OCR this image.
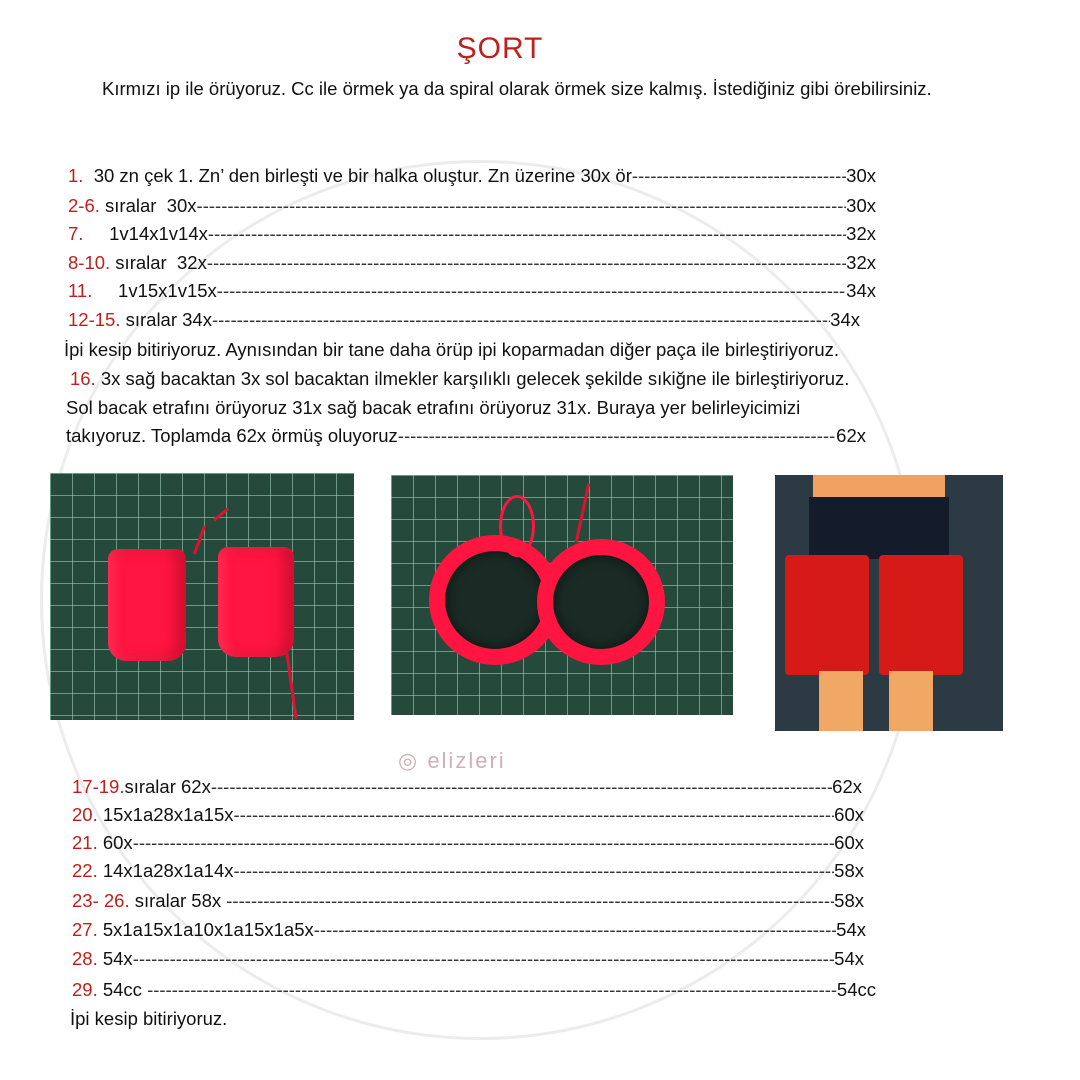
ŞORT
Kırmızı ip ile örüyoruz. Cc ile örmek ya da spiral olarak örmek size kalmış. İstediğiniz gibi örebilirsiniz.
1. 30 zn çek 1. Zn’ den birleşti ve bir halka oluştur. Zn üzerine 30x ör -----	30x
2-6. sıralar  30x -----	30x
7. 1v14x1v14x -----	32x
8-10. sıralar  32x -----	32x
11. 1v15x1v15x -----	34x
12-15. sıralar 34x -----	34x
İpi kesip bitiriyoruz. Aynısından bir tane daha örüp ipi koparmadan diğer paça ile birleştiriyoruz.
16. 3x sağ bacaktan 3x sol bacaktan ilmekler karşılıklı gelecek şekilde sıkiğne ile birleştiriyoruz.
Sol bacak etrafını örüyoruz 31x sağ bacak etrafını örüyoruz 31x. Buraya yer belirleyicimizi
takıyoruz. Toplamda 62x örmüş oluyoruz -----	62x
◎ elizleri
17-19. sıralar 62x -----	62x
20. 15x1a28x1a15x -----	60x
21. 60x -----	60x
22. 14x1a28x1a14x -----	58x
23- 26. sıralar 58x -----	58x
27. 5x1a15x1a10x1a15x1a5x -----	54x
28. 54x -----	54x
29. 54cc -----	54cc
İpi kesip bitiriyoruz.
